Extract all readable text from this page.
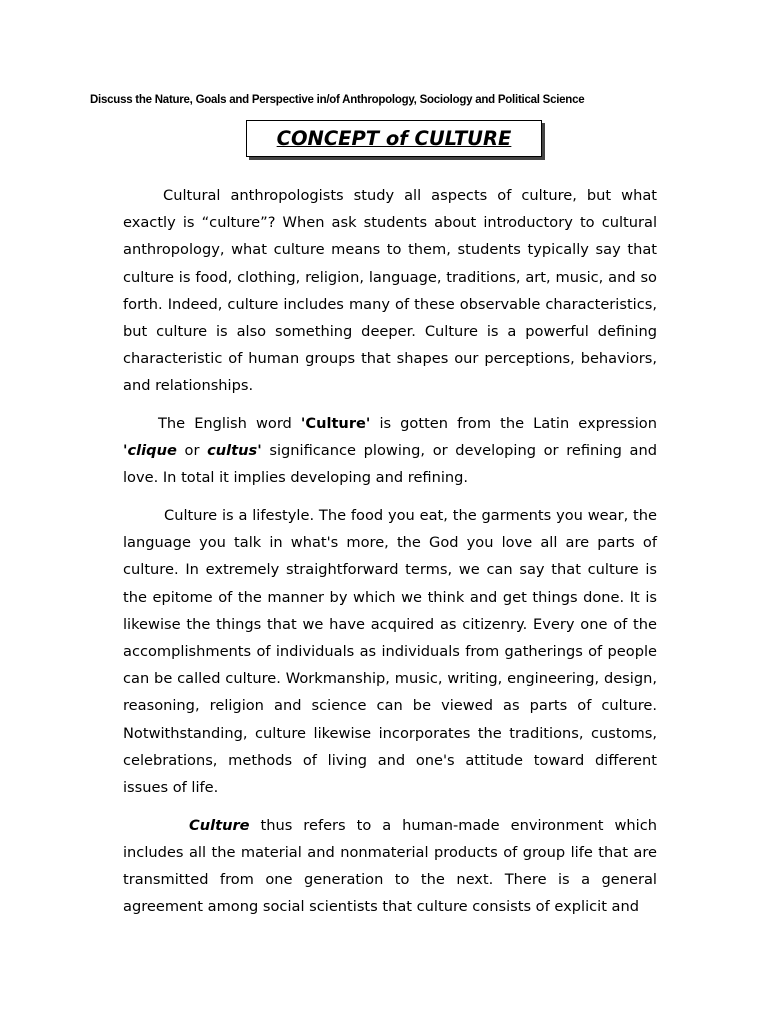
Discuss the Nature, Goals and Perspective in/of Anthropology, Sociology and Political Science

CONCEPT of CULTURE

Cultural anthropologists study all aspects of culture, but what exactly is “culture”? When ask students about introductory to cultural anthropology, what culture means to them, students typically say that culture is food, clothing, religion, language, traditions, art, music, and so forth. Indeed, culture includes many of these observable characteristics, but culture is also something deeper. Culture is a powerful defining characteristic of human groups that shapes our perceptions, behaviors, and relationships.

The English word 'Culture' is gotten from the Latin expression 'clique or cultus' significance plowing, or developing or refining and love. In total it implies developing and refining.

Culture is a lifestyle. The food you eat, the garments you wear, the language you talk in what's more, the God you love all are parts of culture. In extremely straightforward terms, we can say that culture is the epitome of the manner by which we think and get things done. It is likewise the things that we have acquired as citizenry. Every one of the accomplishments of individuals as individuals from gatherings of people can be called culture. Workmanship, music, writing, engineering, design, reasoning, religion and science can be viewed as parts of culture. Notwithstanding, culture likewise incorporates the traditions, customs, celebrations, methods of living and one's attitude toward different issues of life.

Culture thus refers to a human-made environment which includes all the material and nonmaterial products of group life that are transmitted from one generation to the next. There is a general agreement among social scientists that culture consists of explicit and
